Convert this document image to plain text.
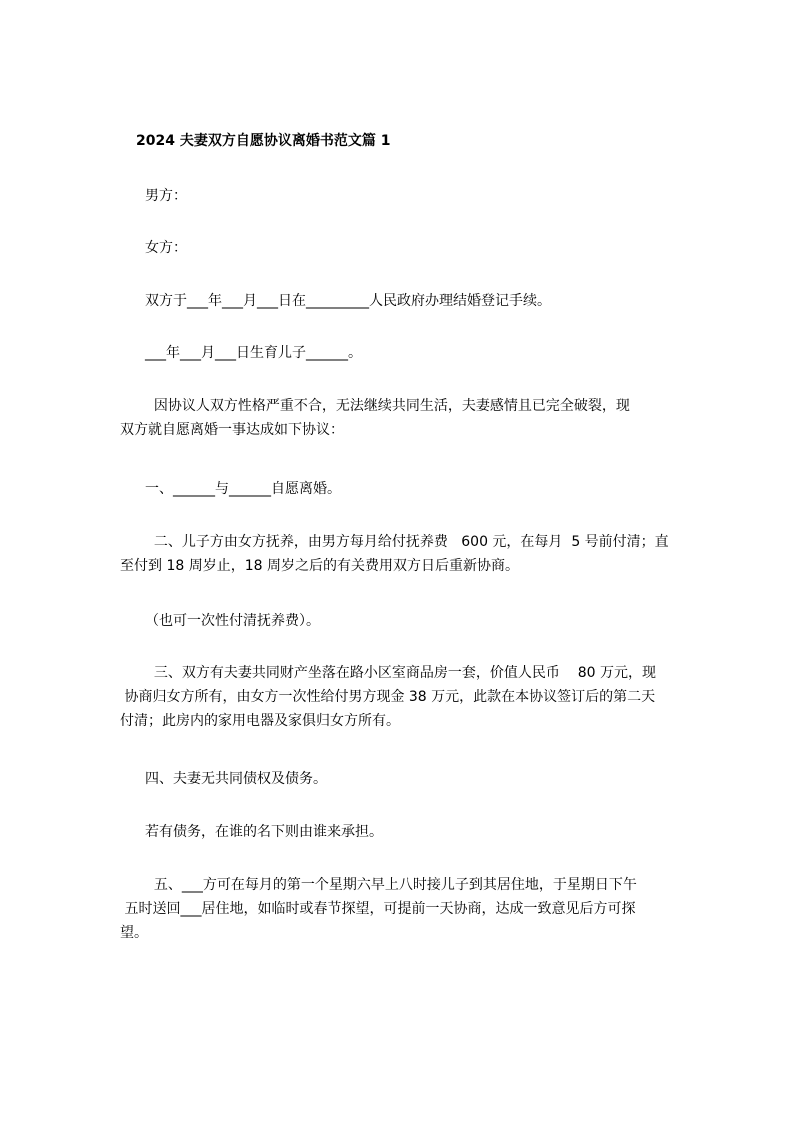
2024 夫妻双方自愿协议离婚书范文篇 1
男方：
女方：
双方于___年___月___日在_________人民政府办理结婚登记手续。
___年___月___日生育儿子______。
因协议人双方性格严重不合，无法继续共同生活，夫妻感情且已完全破裂，现
双方就自愿离婚一事达成如下协议：
一、______与______自愿离婚。
二、儿子方由女方抚养，由男方每月给付抚养费   600 元，在每月  5 号前付清；直
至付到 18 周岁止，18 周岁之后的有关费用双方日后重新协商。
（也可一次性付清抚养费）。
三、双方有夫妻共同财产坐落在路小区室商品房一套，价值人民币    80 万元，现
协商归女方所有，由女方一次性给付男方现金 38 万元，此款在本协议签订后的第二天
付清；此房内的家用电器及家俱归女方所有。
四、夫妻无共同债权及债务。
若有债务，在谁的名下则由谁来承担。
五、___方可在每月的第一个星期六早上八时接儿子到其居住地，于星期日下午
五时送回___居住地，如临时或春节探望，可提前一天协商，达成一致意见后方可探
望。
